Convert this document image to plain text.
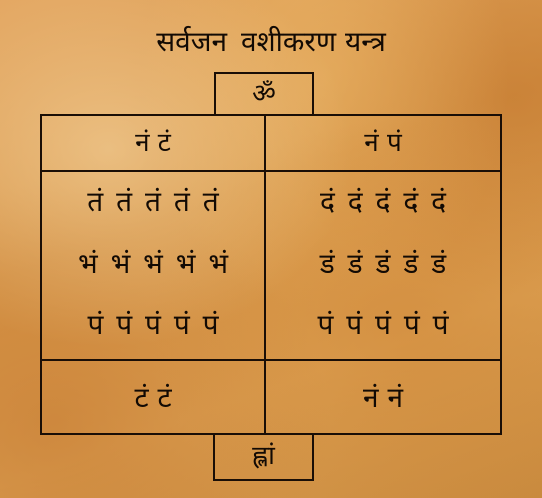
सर्वजन वशीकरण यन्त्र
ॐ
नं टं	नं पं
तं तं तं तं तं
भं भं भं भं भं
पं पं पं पं पं
दं दं दं दं दं
डं डं डं डं डं
पं पं पं पं पं
टं टं	नं नं
ह्लां
